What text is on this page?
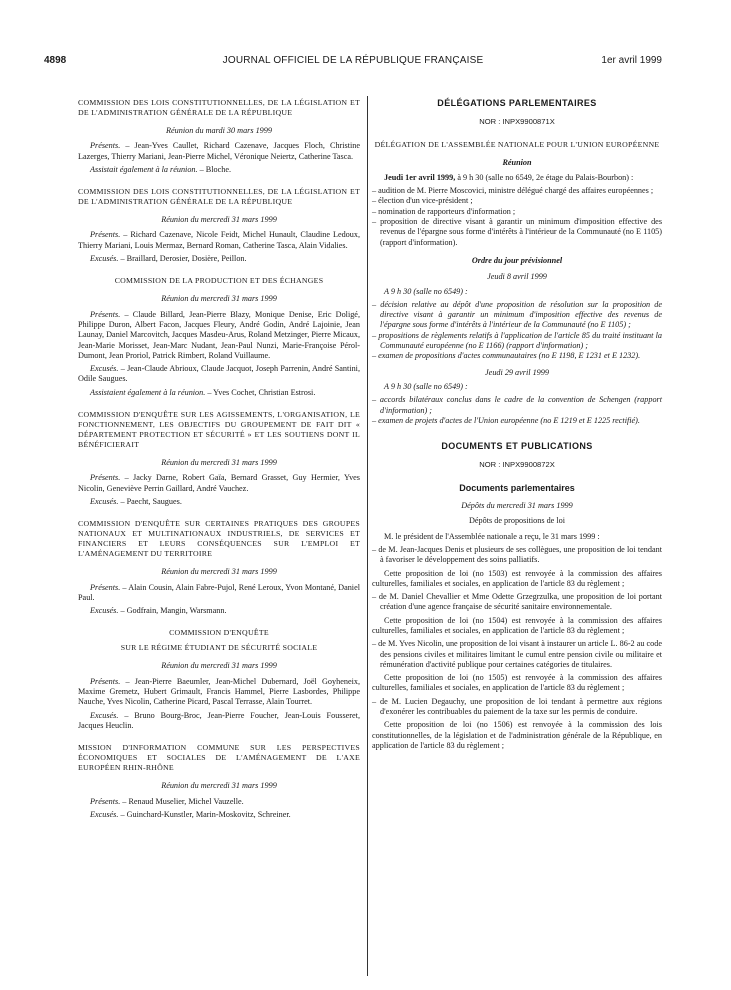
4898	JOURNAL OFFICIEL DE LA RÉPUBLIQUE FRANÇAISE	1er avril 1999
COMMISSION DES LOIS CONSTITUTIONNELLES, DE LA LÉGISLATION ET DE L'ADMINISTRATION GÉNÉRALE DE LA RÉPUBLIQUE
Réunion du mardi 30 mars 1999
Présents. – Jean-Yves Caullet, Richard Cazenave, Jacques Floch, Christine Lazerges, Thierry Mariani, Jean-Pierre Michel, Véronique Neiertz, Catherine Tasca.
Assistait également à la réunion. – Bloche.
COMMISSION DES LOIS CONSTITUTIONNELLES, DE LA LÉGISLATION ET DE L'ADMINISTRATION GÉNÉRALE DE LA RÉPUBLIQUE
Réunion du mercredi 31 mars 1999
Présents. – Richard Cazenave, Nicole Feidt, Michel Hunault, Claudine Ledoux, Thierry Mariani, Louis Mermaz, Bernard Roman, Catherine Tasca, Alain Vidalies.
Excusés. – Braillard, Derosier, Dosière, Peillon.
COMMISSION DE LA PRODUCTION ET DES ÉCHANGES
Réunion du mercredi 31 mars 1999
Présents. – Claude Billard, Jean-Pierre Blazy, Monique Denise, Eric Doligé, Philippe Duron, Albert Facon, Jacques Fleury, André Godin, André Lajoinie, Jean Launay, Daniel Marcovitch, Jacques Masdeu-Arus, Roland Metzinger, Pierre Micaux, Jean-Marie Morisset, Jean-Marc Nudant, Jean-Paul Nunzi, Marie-Françoise Pérol-Dumont, Jean Proriol, Patrick Rimbert, Roland Vuillaume.
Excusés. – Jean-Claude Abrioux, Claude Jacquot, Joseph Parrenin, André Santini, Odile Saugues.
Assistaient également à la réunion. – Yves Cochet, Christian Estrosi.
COMMISSION D'ENQUÊTE SUR LES AGISSEMENTS, L'ORGANISATION, LE FONCTIONNEMENT, LES OBJECTIFS DU GROUPEMENT DE FAIT DIT « DÉPARTEMENT PROTECTION ET SÉCURITÉ » ET LES SOUTIENS DONT IL BÉNÉFICIERAIT
Réunion du mercredi 31 mars 1999
Présents. – Jacky Darne, Robert Gaïa, Bernard Grasset, Guy Hermier, Yves Nicolin, Geneviève Perrin Gaillard, André Vauchez.
Excusés. – Paecht, Saugues.
COMMISSION D'ENQUÊTE SUR CERTAINES PRATIQUES DES GROUPES NATIONAUX ET MULTINATIONAUX INDUSTRIELS, DE SERVICES ET FINANCIERS ET LEURS CONSÉQUENCES SUR L'EMPLOI ET L'AMÉNAGEMENT DU TERRITOIRE
Réunion du mercredi 31 mars 1999
Présents. – Alain Cousin, Alain Fabre-Pujol, René Leroux, Yvon Montané, Daniel Paul.
Excusés. – Godfrain, Mangin, Warsmann.
COMMISSION D'ENQUÊTE
SUR LE RÉGIME ÉTUDIANT DE SÉCURITÉ SOCIALE
Réunion du mercredi 31 mars 1999
Présents. – Jean-Pierre Baeumler, Jean-Michel Dubernard, Joël Goyheneix, Maxime Gremetz, Hubert Grimault, Francis Hammel, Pierre Lasbordes, Philippe Nauche, Yves Nicolin, Catherine Picard, Pascal Terrasse, Alain Tourret.
Excusés. – Bruno Bourg-Broc, Jean-Pierre Foucher, Jean-Louis Fousseret, Jacques Heuclin.
MISSION D'INFORMATION COMMUNE SUR LES PERSPECTIVES ÉCONOMIQUES ET SOCIALES DE L'AMÉNAGEMENT DE L'AXE EUROPÉEN RHIN-RHÔNE
Réunion du mercredi 31 mars 1999
Présents. – Renaud Muselier, Michel Vauzelle.
Excusés. – Guinchard-Kunstler, Marin-Moskovitz, Schreiner.
DÉLÉGATIONS PARLEMENTAIRES
NOR : INPX9900871X
DÉLÉGATION DE L'ASSEMBLÉE NATIONALE POUR L'UNION EUROPÉENNE
Réunion
Jeudi 1er avril 1999, à 9 h 30 (salle no 6549, 2e étage du Palais-Bourbon) :
– audition de M. Pierre Moscovici, ministre délégué chargé des affaires européennes ;
– élection d'un vice-président ;
– nomination de rapporteurs d'information ;
– proposition de directive visant à garantir un minimum d'imposition effective des revenus de l'épargne sous forme d'intérêts à l'intérieur de la Communauté (no E 1105) (rapport d'information).
Ordre du jour prévisionnel
Jeudi 8 avril 1999
A 9 h 30 (salle no 6549) :
– décision relative au dépôt d'une proposition de résolution sur la proposition de directive visant à garantir un minimum d'imposition effective des revenus de l'épargne sous forme d'intérêts à l'intérieur de la Communauté (no E 1105) ;
– propositions de règlements relatifs à l'application de l'article 85 du traité instituant la Communauté européenne (no E 1166) (rapport d'information) ;
– examen de propositions d'actes communautaires (no E 1198, E 1231 et E 1232).
Jeudi 29 avril 1999
A 9 h 30 (salle no 6549) :
– accords bilatéraux conclus dans le cadre de la convention de Schengen (rapport d'information) ;
– examen de projets d'actes de l'Union européenne (no E 1219 et E 1225 rectifié).
DOCUMENTS ET PUBLICATIONS
NOR : INPX9900872X
Documents parlementaires
Dépôts du mercredi 31 mars 1999
Dépôts de propositions de loi
M. le président de l'Assemblée nationale a reçu, le 31 mars 1999 :
– de M. Jean-Jacques Denis et plusieurs de ses collègues, une proposition de loi tendant à favoriser le développement des soins palliatifs.
Cette proposition de loi (no 1503) est renvoyée à la commission des affaires culturelles, familiales et sociales, en application de l'article 83 du règlement ;
– de M. Daniel Chevallier et Mme Odette Grzegrzulka, une proposition de loi portant création d'une agence française de sécurité sanitaire environnementale.
Cette proposition de loi (no 1504) est renvoyée à la commission des affaires culturelles, familiales et sociales, en application de l'article 83 du règlement ;
– de M. Yves Nicolin, une proposition de loi visant à instaurer un article L. 86-2 au code des pensions civiles et militaires limitant le cumul entre pension civile ou militaire et rémunération d'activité publique pour certaines catégories de titulaires.
Cette proposition de loi (no 1505) est renvoyée à la commission des affaires culturelles, familiales et sociales, en application de l'article 83 du règlement ;
– de M. Lucien Degauchy, une proposition de loi tendant à permettre aux régions d'exonérer les contribuables du paiement de la taxe sur les permis de conduire.
Cette proposition de loi (no 1506) est renvoyée à la commission des lois constitutionnelles, de la législation et de l'administration générale de la République, en application de l'article 83 du règlement ;
